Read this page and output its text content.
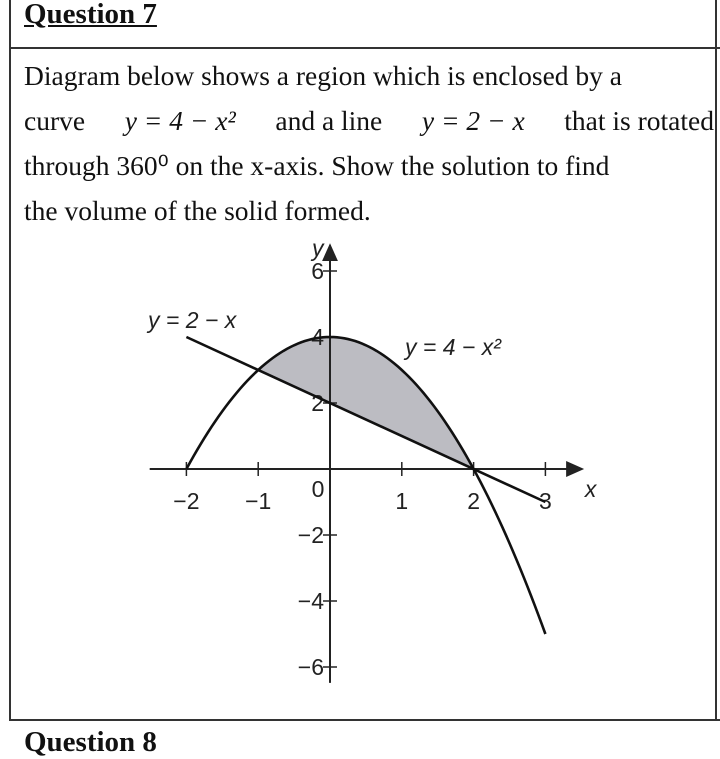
Question 7

Diagram below shows a region which is enclosed by a

curve y = 4 − x² and a line y = 2 − x that is rotated

through 360⁰ on the x-axis. Show the solution to find

the volume of the solid formed.

−2 −1 0	1	2	3
6
4
2
−2
−4
−6
x
y
y = 2 − x
y = 4 − x²
Question 8
